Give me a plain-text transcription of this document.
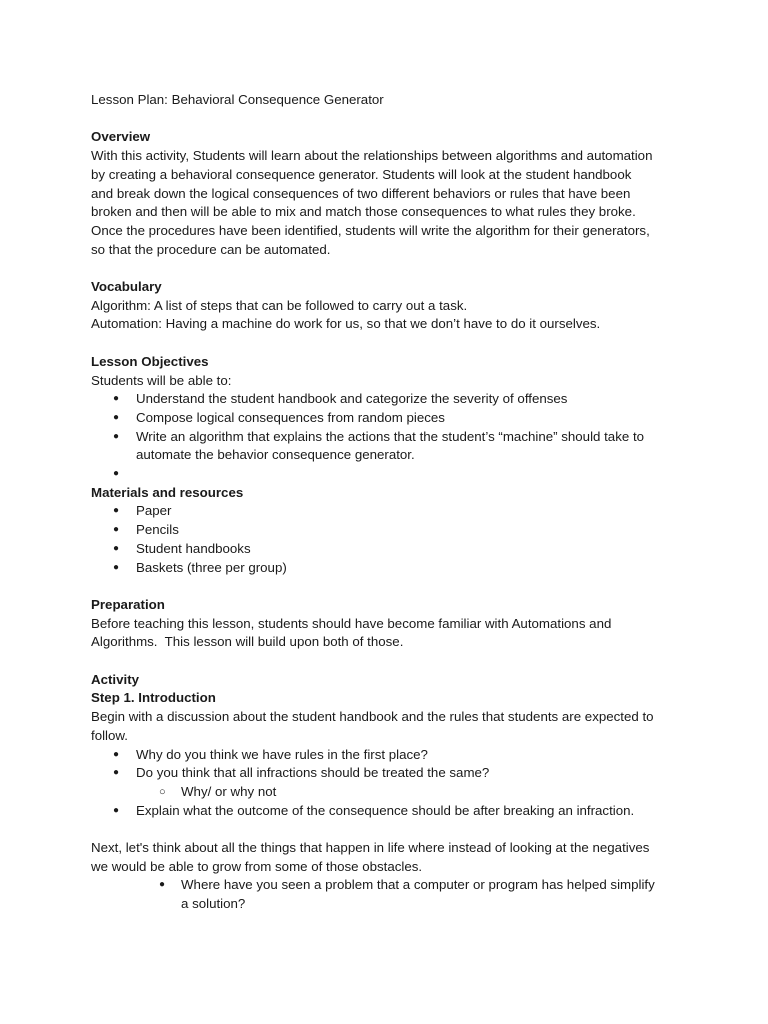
Lesson Plan: Behavioral Consequence Generator
Overview
With this activity, Students will learn about the relationships between algorithms and automation
by creating a behavioral consequence generator. Students will look at the student handbook
and break down the logical consequences of two different behaviors or rules that have been
broken and then will be able to mix and match those consequences to what rules they broke.
Once the procedures have been identified, students will write the algorithm for their generators,
so that the procedure can be automated.
Vocabulary
Algorithm: A list of steps that can be followed to carry out a task.
Automation: Having a machine do work for us, so that we don’t have to do it ourselves.
Lesson Objectives
Students will be able to:
● Understand the student handbook and categorize the severity of offenses
● Compose logical consequences from random pieces
● Write an algorithm that explains the actions that the student’s “machine” should take to
automate the behavior consequence generator.
●
Materials and resources
● Paper
● Pencils
● Student handbooks
● Baskets (three per group)
Preparation
Before teaching this lesson, students should have become familiar with Automations and
Algorithms.  This lesson will build upon both of those.
Activity
Step 1. Introduction
Begin with a discussion about the student handbook and the rules that students are expected to
follow.
● Why do you think we have rules in the first place?
● Do you think that all infractions should be treated the same?
○ Why/ or why not
● Explain what the outcome of the consequence should be after breaking an infraction.
Next, let's think about all the things that happen in life where instead of looking at the negatives
we would be able to grow from some of those obstacles.
● Where have you seen a problem that a computer or program has helped simplify
a solution?
